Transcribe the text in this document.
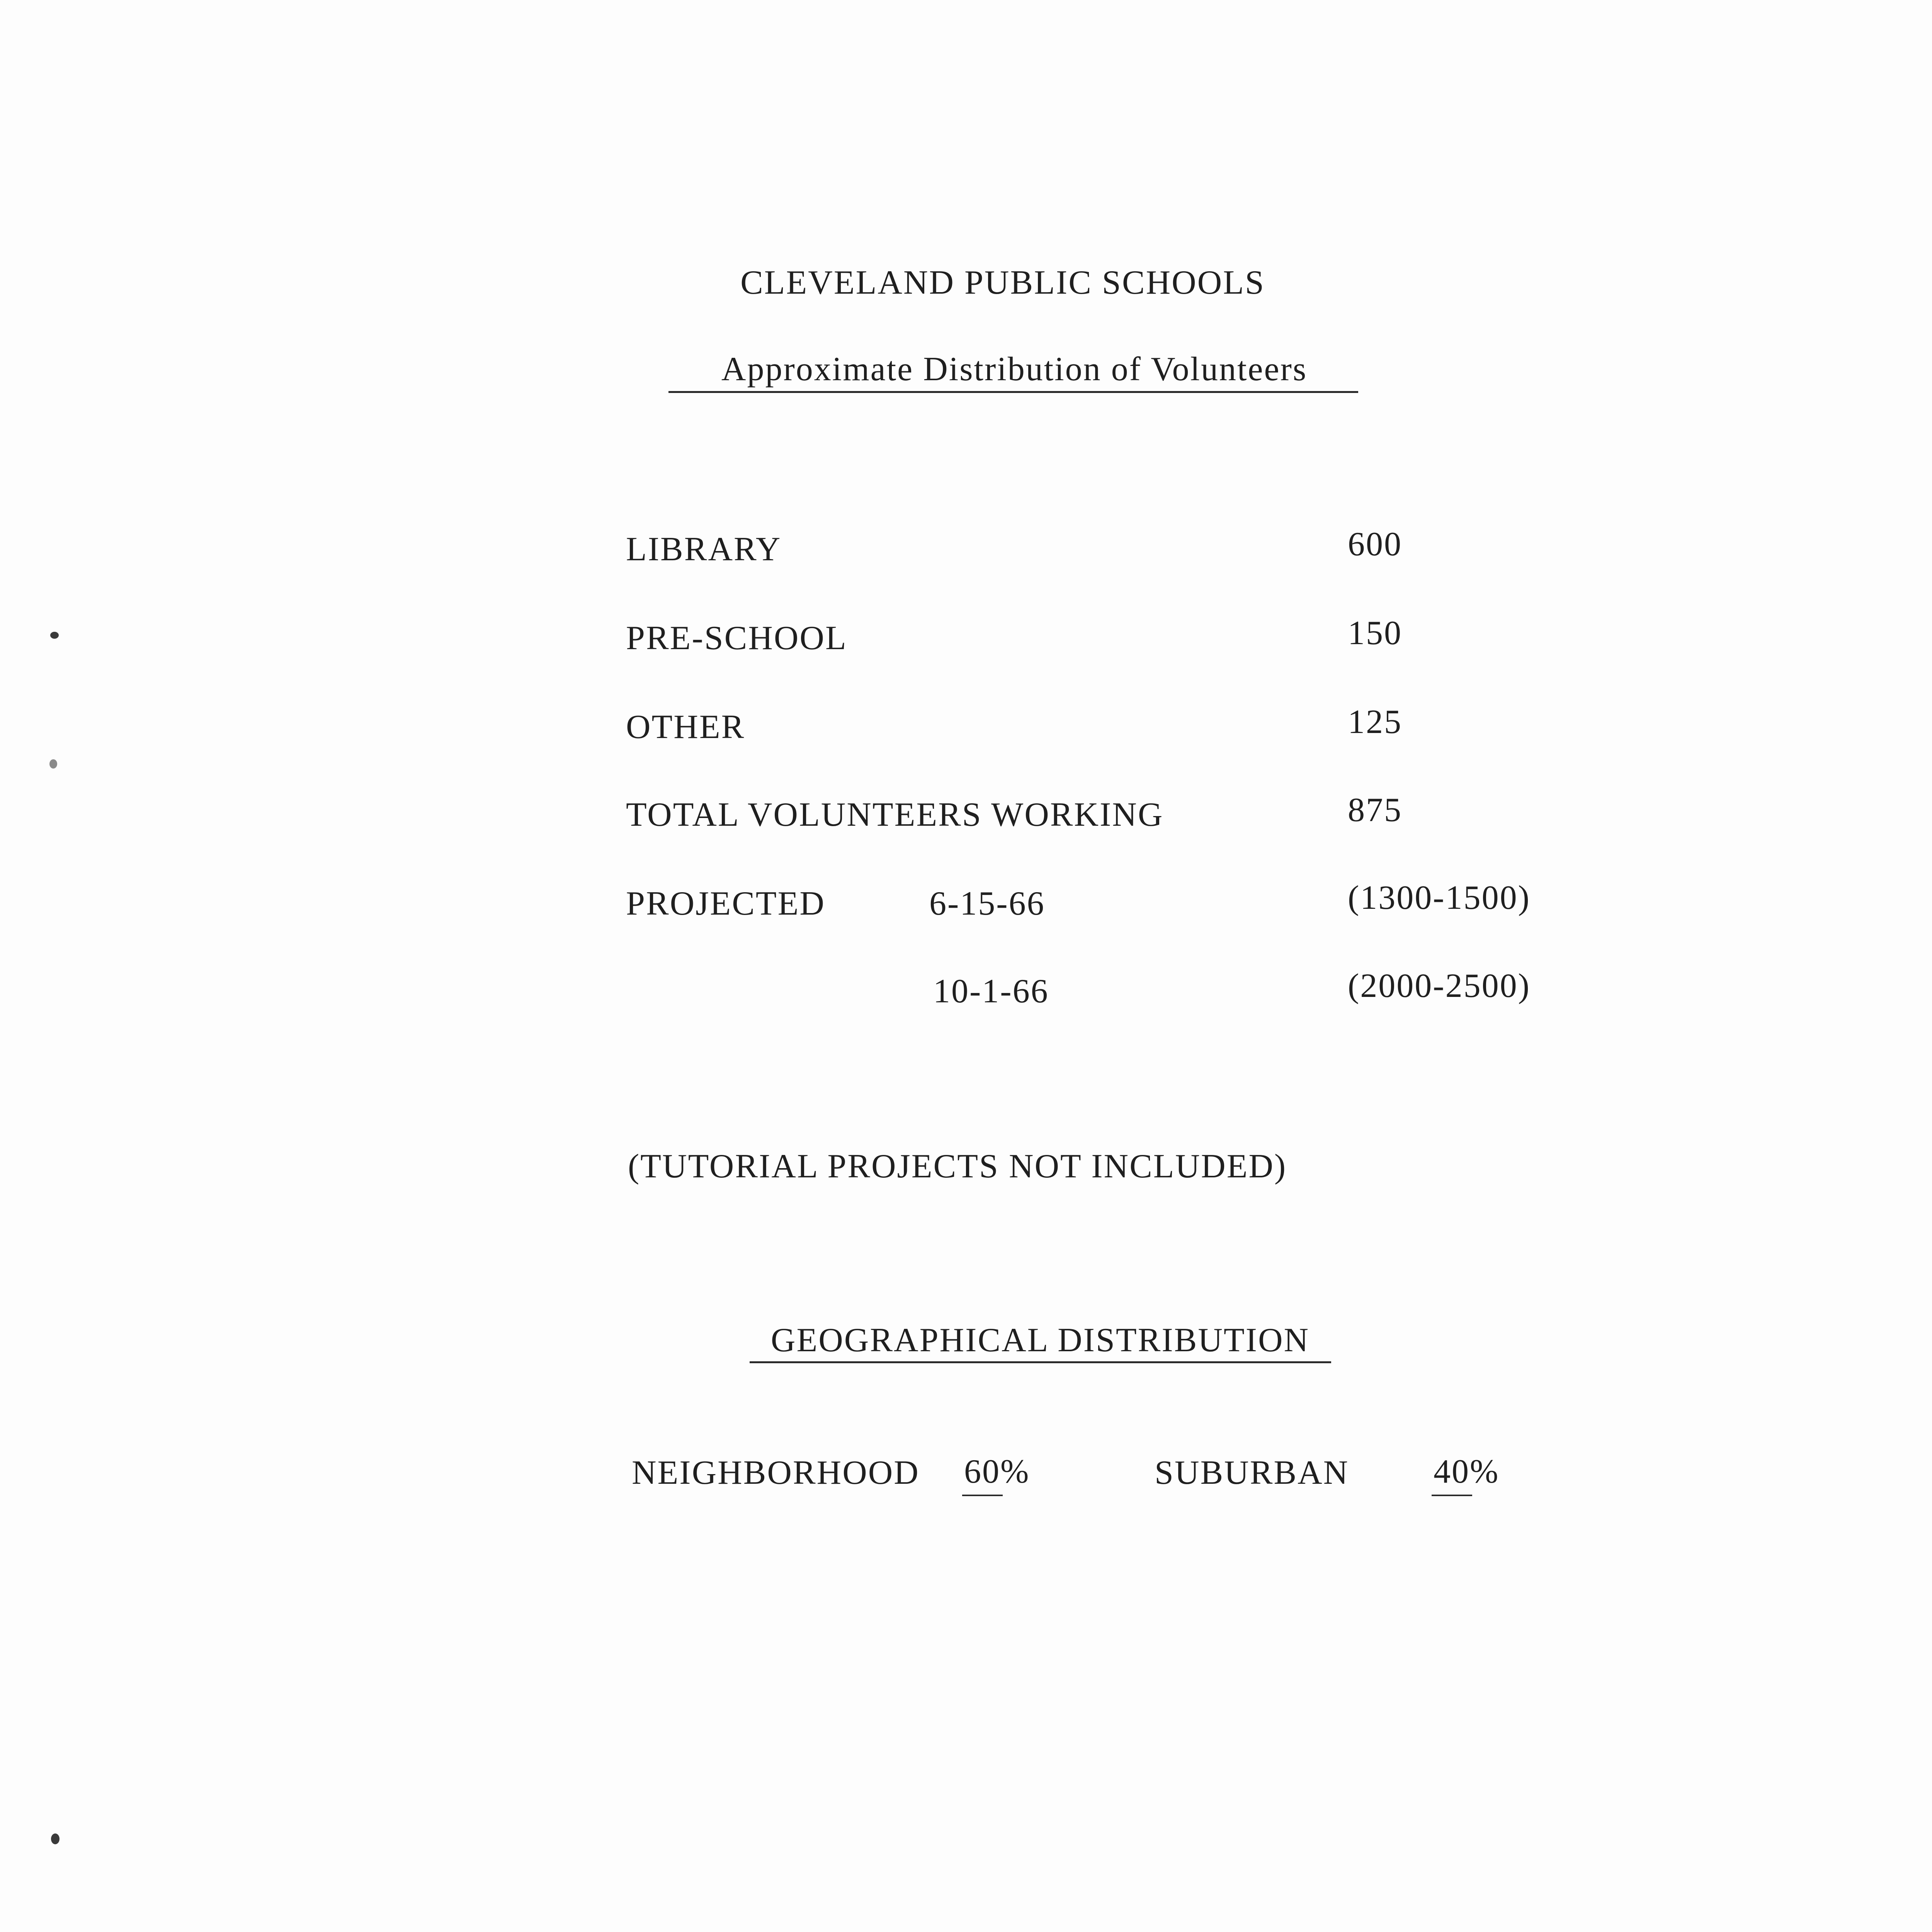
CLEVELAND PUBLIC SCHOOLS
Approximate Distribution of Volunteers
LIBRARY	600
PRE-SCHOOL	150
OTHER	125
TOTAL VOLUNTEERS WORKING	875
PROJECTED	6-15-66	(1300-1500)
10-1-66	(2000-2500)
(TUTORIAL PROJECTS NOT INCLUDED)
GEOGRAPHICAL DISTRIBUTION
NEIGHBORHOOD 60%	SUBURBAN 40%
